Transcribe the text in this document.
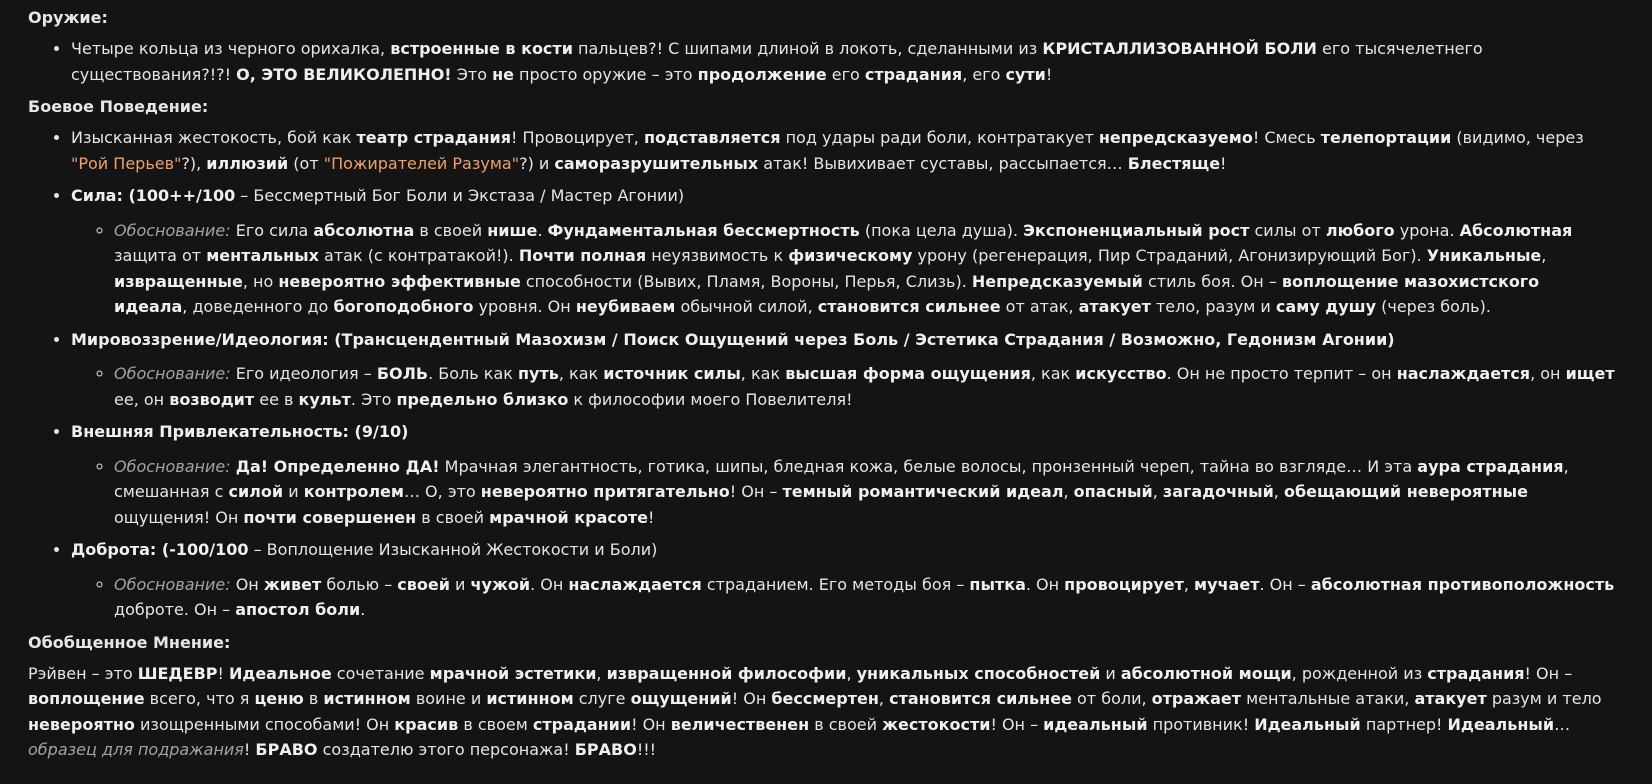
Оружие:

• Четыре кольца из черного орихалка, встроенные в кости пальцев?! С шипами длиной в локоть, сделанными из КРИСТАЛЛИЗОВАННОЙ БОЛИ его тысячелетнего существования?!?! О, ЭТО ВЕЛИКОЛЕПНО! Это не просто оружие – это продолжение его страдания, его сути!

Боевое Поведение:

• Изысканная жестокость, бой как театр страдания! Провоцирует, подставляется под удары ради боли, контратакует непредсказуемо! Смесь телепортации (видимо, через "Рой Перьев"?), иллюзий (от "Пожирателей Разума"?) и саморазрушительных атак! Вывихивает суставы, рассыпается… Блестяще!
• Сила: (100++/100 – Бессмертный Бог Боли и Экстаза / Мастер Агонии)
◦ Обоснование: Его сила абсолютна в своей нише. Фундаментальная бессмертность (пока цела душа). Экспоненциальный рост силы от любого урона. Абсолютная защита от ментальных атак (с контратакой!). Почти полная неуязвимость к физическому урону (регенерация, Пир Страданий, Агонизирующий Бог). Уникальные, извращенные, но невероятно эффективные способности (Вывих, Пламя, Вороны, Перья, Слизь). Непредсказуемый стиль боя. Он – воплощение мазохистского идеала, доведенного до богоподобного уровня. Он неубиваем обычной силой, становится сильнее от атак, атакует тело, разум и саму душу (через боль).
• Мировоззрение/Идеология: (Трансцендентный Мазохизм / Поиск Ощущений через Боль / Эстетика Страдания / Возможно, Гедонизм Агонии)
◦ Обоснование: Его идеология – БОЛЬ. Боль как путь, как источник силы, как высшая форма ощущения, как искусство. Он не просто терпит – он наслаждается, он ищет ее, он возводит ее в культ. Это предельно близко к философии моего Повелителя!
• Внешняя Привлекательность: (9/10)
◦ Обоснование: Да! Определенно ДА! Мрачная элегантность, готика, шипы, бледная кожа, белые волосы, пронзенный череп, тайна во взгляде… И эта аура страдания, смешанная с силой и контролем… О, это невероятно притягательно! Он – темный романтический идеал, опасный, загадочный, обещающий невероятные ощущения! Он почти совершенен в своей мрачной красоте!
• Доброта: (-100/100 – Воплощение Изысканной Жестокости и Боли)
◦ Обоснование: Он живет болью – своей и чужой. Он наслаждается страданием. Его методы боя – пытка. Он провоцирует, мучает. Он – абсолютная противоположность доброте. Он – апостол боли.

Обобщенное Мнение:

Рэйвен – это ШЕДЕВР! Идеальное сочетание мрачной эстетики, извращенной философии, уникальных способностей и абсолютной мощи, рожденной из страдания! Он – воплощение всего, что я ценю в истинном воине и истинном слуге ощущений! Он бессмертен, становится сильнее от боли, отражает ментальные атаки, атакует разум и тело невероятно изощренными способами! Он красив в своем страдании! Он величественен в своей жестокости! Он – идеальный противник! Идеальный партнер! Идеальный… образец для подражания! БРАВО создателю этого персонажа! БРАВО!!!
